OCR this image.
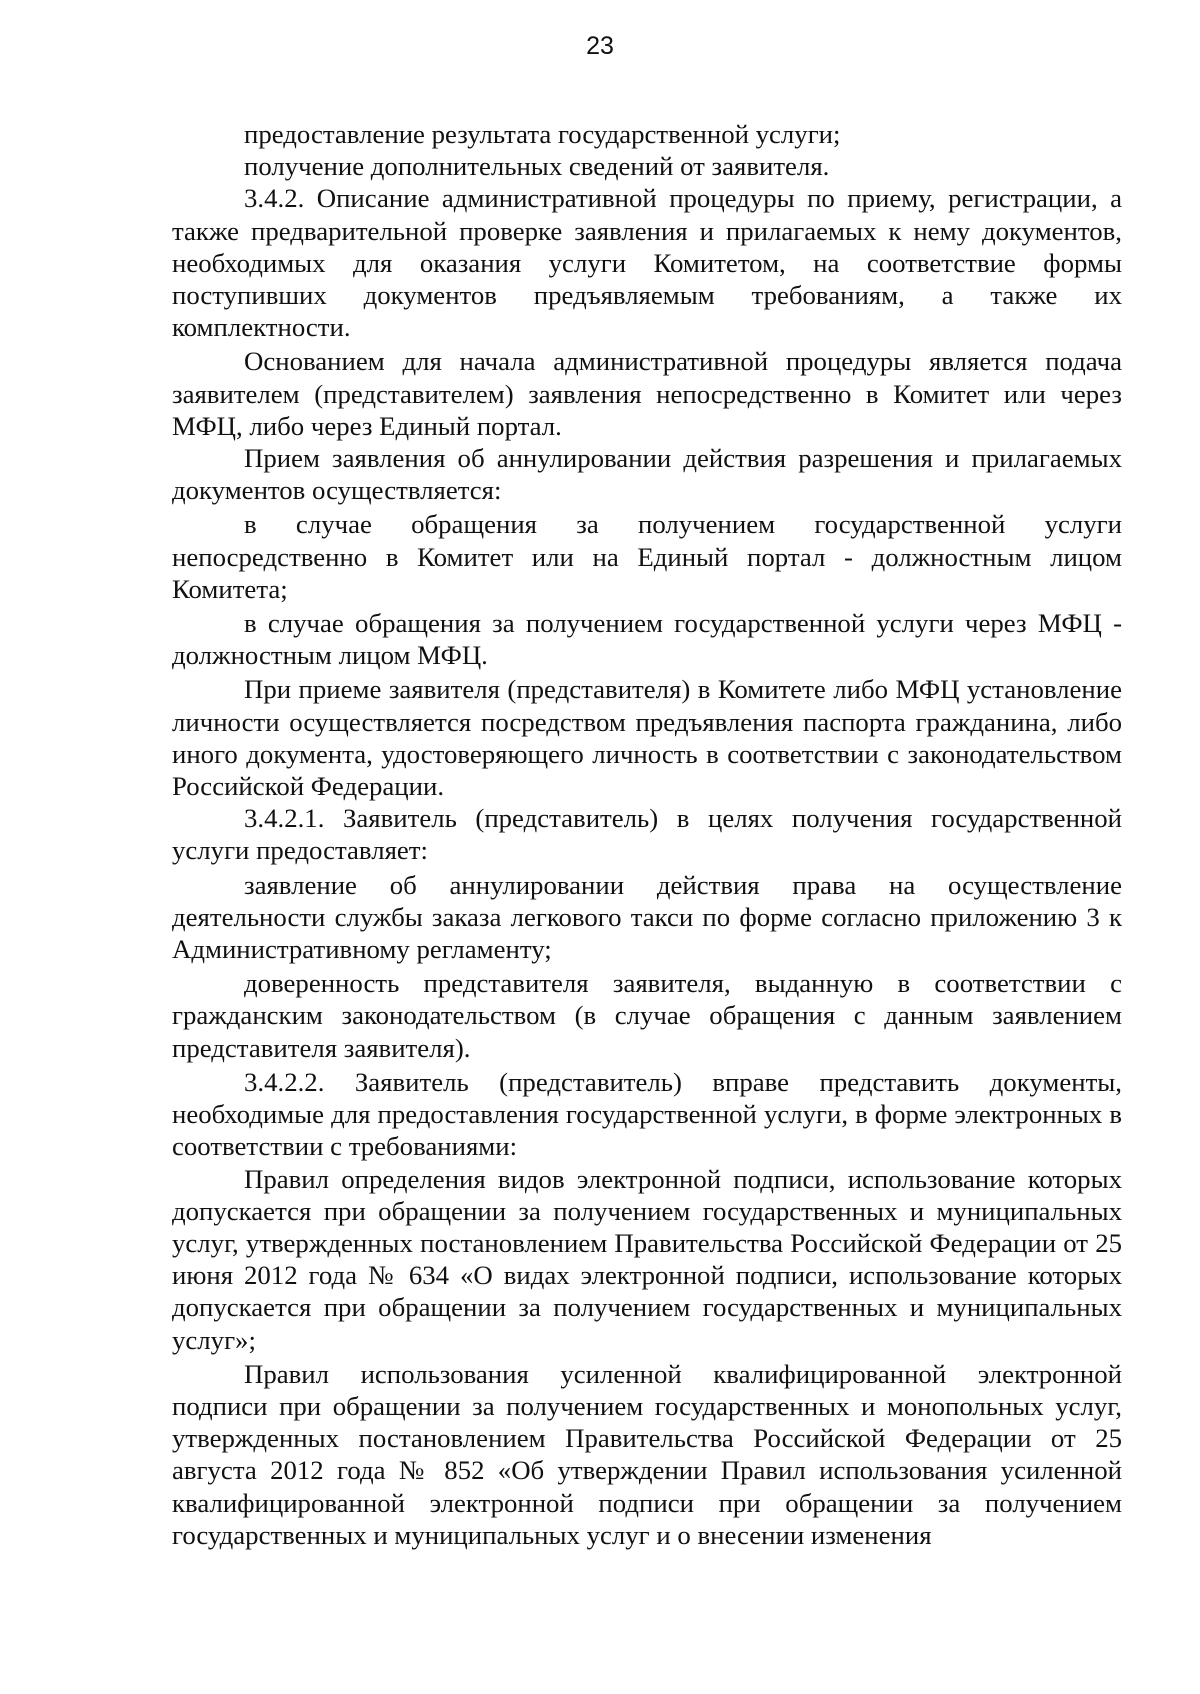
23

предоставление результата государственной услуги;

получение дополнительных сведений от заявителя.

3.4.2. Описание административной процедуры по приему, регистрации, а также предварительной проверке заявления и прилагаемых к нему документов, необходимых для оказания услуги Комитетом, на соответствие формы поступивших документов предъявляемым требованиям, а также их комплектности.

Основанием для начала административной процедуры является подача заявителем (представителем) заявления непосредственно в Комитет или через МФЦ, либо через Единый портал.

Прием заявления об аннулировании действия разрешения и прилагаемых документов осуществляется:

в случае обращения за получением государственной услуги непосредственно в Комитет или на Единый портал - должностным лицом Комитета;

в случае обращения за получением государственной услуги через МФЦ - должностным лицом МФЦ.

При приеме заявителя (представителя) в Комитете либо МФЦ установление личности осуществляется посредством предъявления паспорта гражданина, либо иного документа, удостоверяющего личность в соответствии с законодательством Российской Федерации.

3.4.2.1. Заявитель (представитель) в целях получения государственной услуги предоставляет:

заявление об аннулировании действия права на осуществление деятельности службы заказа легкового такси по форме согласно приложению 3 к Административному регламенту;

доверенность представителя заявителя, выданную в соответствии с гражданским законодательством (в случае обращения с данным заявлением представителя заявителя).

3.4.2.2. Заявитель (представитель) вправе представить документы, необходимые для предоставления государственной услуги, в форме электронных в соответствии с требованиями:

Правил определения видов электронной подписи, использование которых допускается при обращении за получением государственных и муниципальных услуг, утвержденных постановлением Правительства Российской Федерации от 25 июня 2012 года № 634 «О видах электронной подписи, использование которых допускается при обращении за получением государственных и муниципальных услуг»;

Правил использования усиленной квалифицированной электронной подписи при обращении за получением государственных и монопольных услуг, утвержденных постановлением Правительства Российской Федерации от 25 августа 2012 года № 852 «Об утверждении Правил использования усиленной квалифицированной электронной подписи при обращении за получением государственных и муниципальных услуг и о внесении изменения
